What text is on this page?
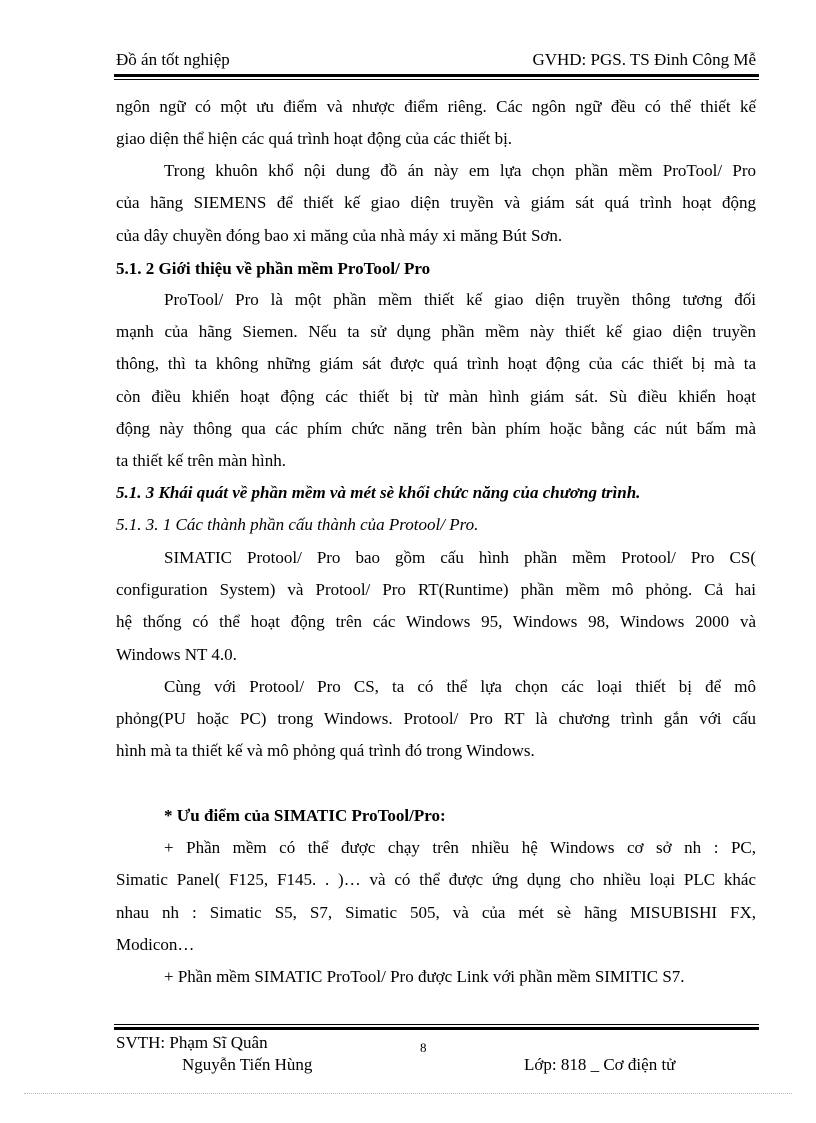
Đồ án tốt nghiệp	GVHD: PGS. TS Đinh Công Mễ
ngôn ngữ có một ưu điểm và nhược điểm riêng. Các ngôn ngữ đều có thể thiết kế
giao diện thể hiện các quá trình hoạt động của các thiết bị.
Trong khuôn khổ nội dung đồ án này em lựa chọn phần mềm ProTool/ Pro
của hãng SIEMENS để thiết kế giao diện truyền và giám sát quá trình hoạt động
của dây chuyền đóng bao xi măng của nhà máy xi măng Bút Sơn.
5.1. 2 Giới thiệu về phần mềm ProTool/ Pro
ProTool/ Pro là một phần mềm thiết kế giao diện truyền thông tương đối
mạnh của hãng Siemen. Nếu ta sử dụng phần mềm này thiết kế giao diện truyền
thông, thì ta không những giám sát được quá trình hoạt động của các thiết bị mà ta
còn điều khiển hoạt động các thiết bị từ màn hình giám sát. Sù điều khiển hoạt
động này thông qua các phím chức năng trên bàn phím hoặc bằng các nút bấm mà
ta thiết kế trên màn hình.
5.1. 3 Khái quát về phần mềm và mét sè khối chức năng của chương trình.
5.1. 3. 1 Các thành phần cấu thành của Protool/ Pro.
SIMATIC Protool/ Pro bao gồm cấu hình phần mềm Protool/ Pro CS(
configuration System) và Protool/ Pro RT(Runtime) phần mềm mô phỏng. Cả hai
hệ thống có thể hoạt động trên các Windows 95, Windows 98, Windows 2000 và
Windows NT 4.0.
Cùng với Protool/ Pro CS, ta có thể lựa chọn các loại thiết bị để mô
phỏng(PU hoặc PC) trong Windows. Protool/ Pro RT là chương trình gắn với cấu
hình mà ta thiết kế và mô phỏng quá trình đó trong Windows.
* Ưu điểm của SIMATIC ProTool/Pro:
+ Phần mềm có thể được chạy trên nhiều hệ Windows cơ sở nh : PC,
Simatic Panel( F125, F145. . )… và có thể được ứng dụng cho nhiều loại PLC khác
nhau nh : Simatic S5, S7, Simatic 505, và của mét sè hãng MISUBISHI FX,
Modicon…
+ Phần mềm SIMATIC ProTool/ Pro được Link với phần mềm SIMITIC S7.
SVTH: Phạm Sĩ Quân
Nguyễn Tiến Hùng
8
Lớp: 818 _ Cơ điện tử
